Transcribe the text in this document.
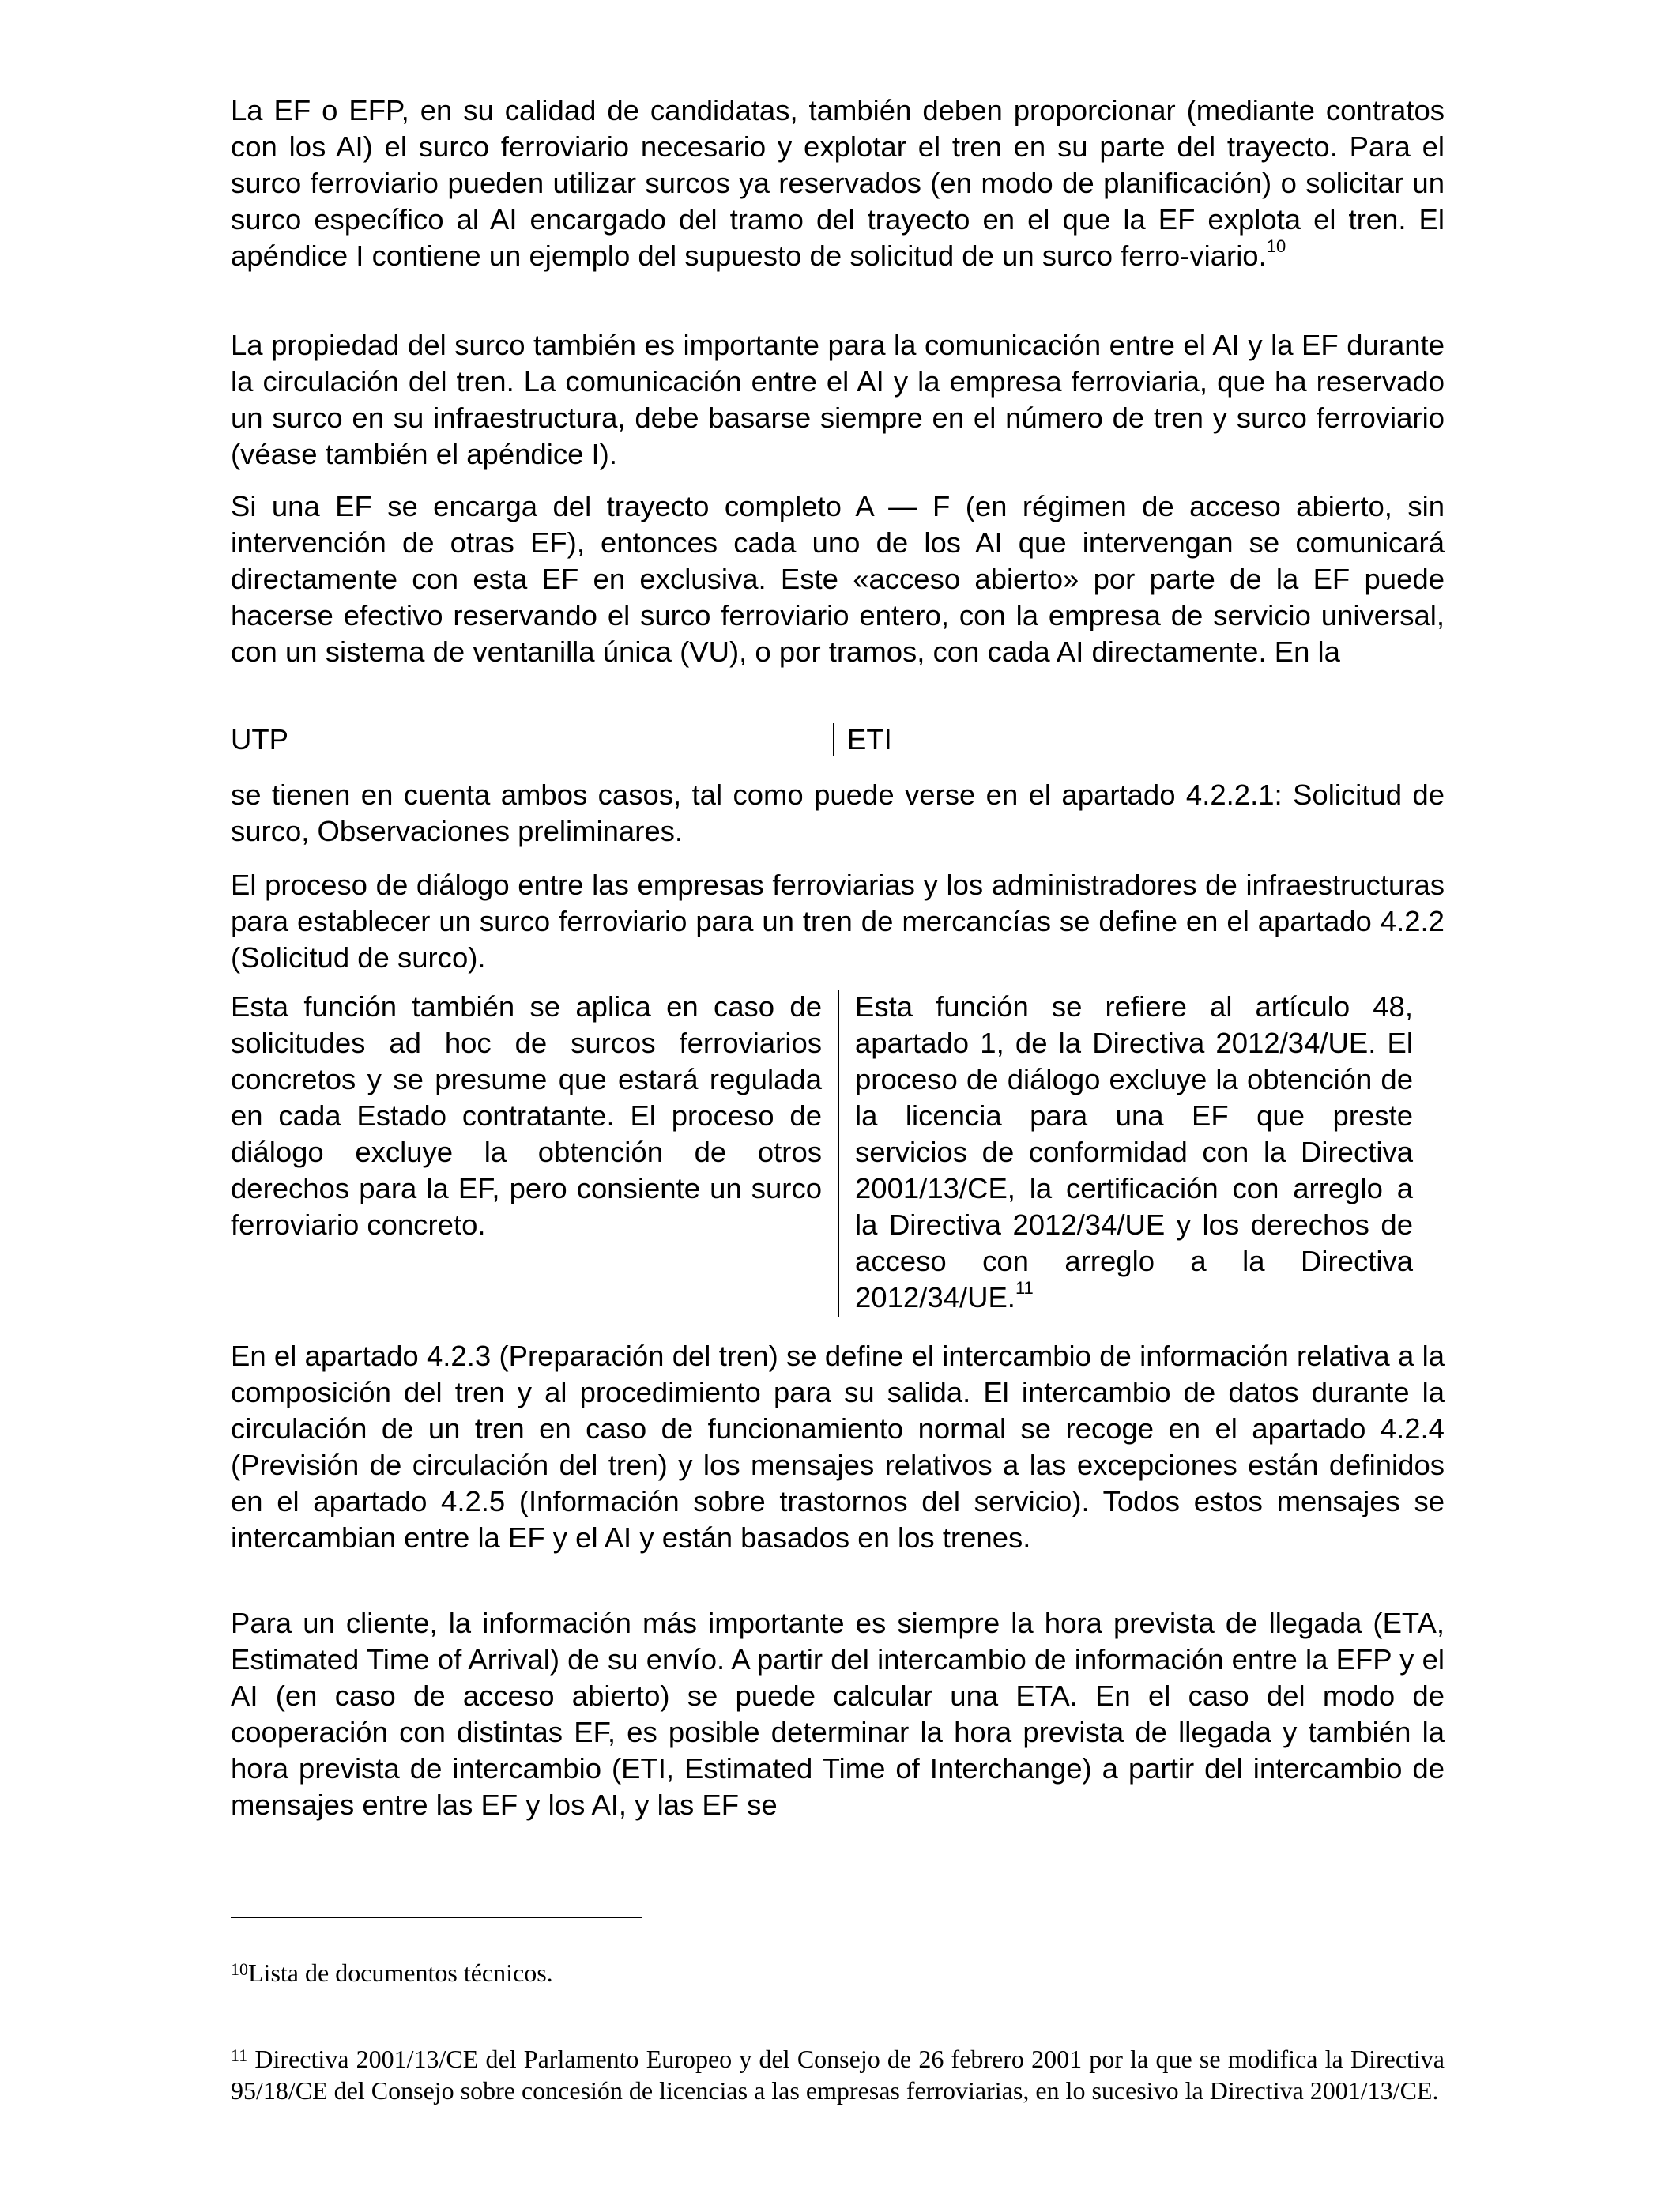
La EF o EFP, en su calidad de candidatas, también deben proporcionar (mediante contratos con los AI) el surco ferroviario necesario y explotar el tren en su parte del trayecto. Para el surco ferroviario pueden utilizar surcos ya reservados (en modo de planificación) o solicitar un surco específico al AI encargado del tramo del trayecto en el que la EF explota el tren. El apéndice I contiene un ejemplo del supuesto de solicitud de un surco ferro-viario.$^{10}$

La propiedad del surco también es importante para la comunicación entre el AI y la EF durante la circulación del tren. La comunicación entre el AI y la empresa ferroviaria, que ha reservado un surco en su infraestructura, debe basarse siempre en el número de tren y surco ferroviario (véase también el apéndice I).

Si una EF se encarga del trayecto completo A — F (en régimen de acceso abierto, sin intervención de otras EF), entonces cada uno de los AI que intervengan se comunicará directamente con esta EF en exclusiva. Este «acceso abierto» por parte de la EF puede hacerse efectivo reservando el surco ferroviario entero, con la empresa de servicio universal, con un sistema de ventanilla única (VU), o por tramos, con cada AI directamente. En la

UTP	ETI

se tienen en cuenta ambos casos, tal como puede verse en el apartado 4.2.2.1: Solicitud de surco, Observaciones preliminares.

El proceso de diálogo entre las empresas ferroviarias y los administradores de infraestructuras para establecer un surco ferroviario para un tren de mercancías se define en el apartado 4.2.2 (Solicitud de surco).

Esta función también se aplica en caso de solicitudes ad hoc de surcos ferroviarios concretos y se presume que estará regulada en cada Estado contratante. El proceso de diálogo excluye la obtención de otros derechos para la EF, pero consiente un surco ferroviario concreto.
Esta función se refiere al artículo 48, apartado 1, de la Directiva 2012/34/UE. El proceso de diálogo excluye la obtención de la licencia para una EF que preste servicios de conformidad con la Directiva 2001/13/CE, la certificación con arreglo a la Directiva 2012/34/UE y los derechos de acceso con arreglo a la Directiva 2012/34/UE.$^{11}$

En el apartado 4.2.3 (Preparación del tren) se define el intercambio de información relativa a la composición del tren y al procedimiento para su salida. El intercambio de datos durante la circulación de un tren en caso de funcionamiento normal se recoge en el apartado 4.2.4 (Previsión de circulación del tren) y los mensajes relativos a las excepciones están definidos en el apartado 4.2.5 (Información sobre trastornos del servicio). Todos estos mensajes se intercambian entre la EF y el AI y están basados en los trenes.

Para un cliente, la información más importante es siempre la hora prevista de llegada (ETA, Estimated Time of Arrival) de su envío. A partir del intercambio de información entre la EFP y el AI (en caso de acceso abierto) se puede calcular una ETA. En el caso del modo de cooperación con distintas EF, es posible determinar la hora prevista de llegada y también la hora prevista de intercambio (ETI, Estimated Time of Interchange) a partir del intercambio de mensajes entre las EF y los AI, y las EF se

$^{10}$Lista de documentos técnicos.

$^{11}$ Directiva 2001/13/CE del Parlamento Europeo y del Consejo de 26 febrero 2001 por la que se modifica la Directiva 95/18/CE del Consejo sobre concesión de licencias a las empresas ferroviarias, en lo sucesivo la Directiva 2001/13/CE.
